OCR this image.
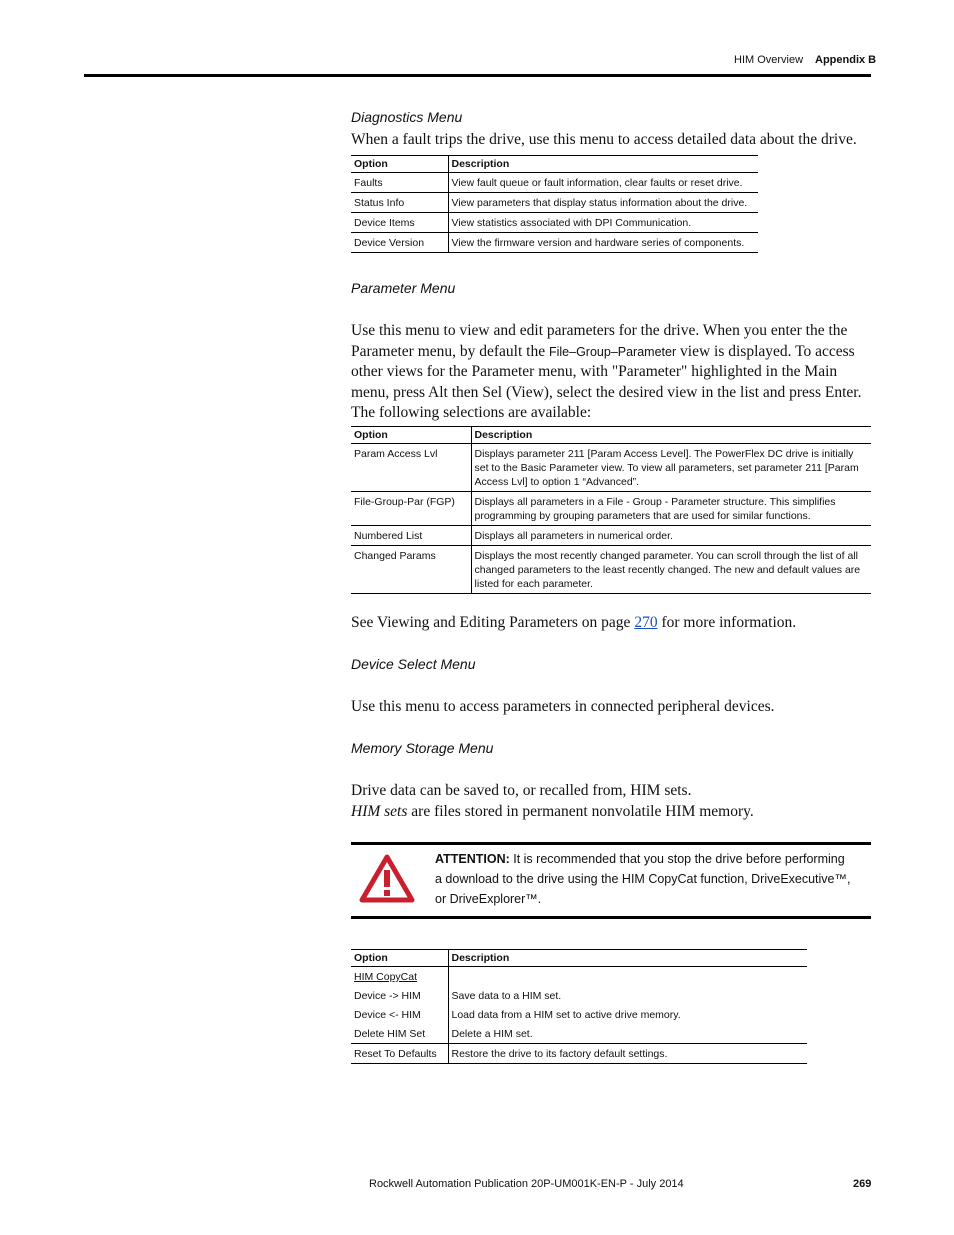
HIM Overview Appendix B
Diagnostics Menu
When a fault trips the drive, use this menu to access detailed data about the drive.
Option	Description
Faults	View fault queue or fault information, clear faults or reset drive.
Status Info	View parameters that display status information about the drive.
Device Items	View statistics associated with DPI Communication.
Device Version	View the firmware version and hardware series of components.
Parameter Menu
Use this menu to view and edit parameters for the drive. When you enter the the Parameter menu, by default the File–Group–Parameter view is displayed. To access other views for the Parameter menu, with "Parameter" highlighted in the Main menu, press Alt then Sel (View), select the desired view in the list and press Enter. The following selections are available:
Option	Description
Param Access Lvl	Displays parameter 211 [Param Access Level]. The PowerFlex DC drive is initially set to the Basic Parameter view. To view all parameters, set parameter 211 [Param Access Lvl] to option 1 “Advanced”.
File-Group-Par (FGP)	Displays all parameters in a File - Group - Parameter structure. This simplifies programming by grouping parameters that are used for similar functions.
Numbered List	Displays all parameters in numerical order.
Changed Params	Displays the most recently changed parameter. You can scroll through the list of all changed parameters to the least recently changed. The new and default values are listed for each parameter.
See Viewing and Editing Parameters on page 270 for more information.
Device Select Menu
Use this menu to access parameters in connected peripheral devices.
Memory Storage Menu
Drive data can be saved to, or recalled from, HIM sets.
HIM sets are files stored in permanent nonvolatile HIM memory.
ATTENTION: It is recommended that you stop the drive before performing a download to the drive using the HIM CopyCat function, DriveExecutive™, or DriveExplorer™.
Option	Description
HIM CopyCat	
Device -> HIM	Save data to a HIM set.
Device <- HIM	Load data from a HIM set to active drive memory.
Delete HIM Set	Delete a HIM set.
Reset To Defaults	Restore the drive to its factory default settings.
Rockwell Automation Publication 20P-UM001K-EN-P - July 2014	269
